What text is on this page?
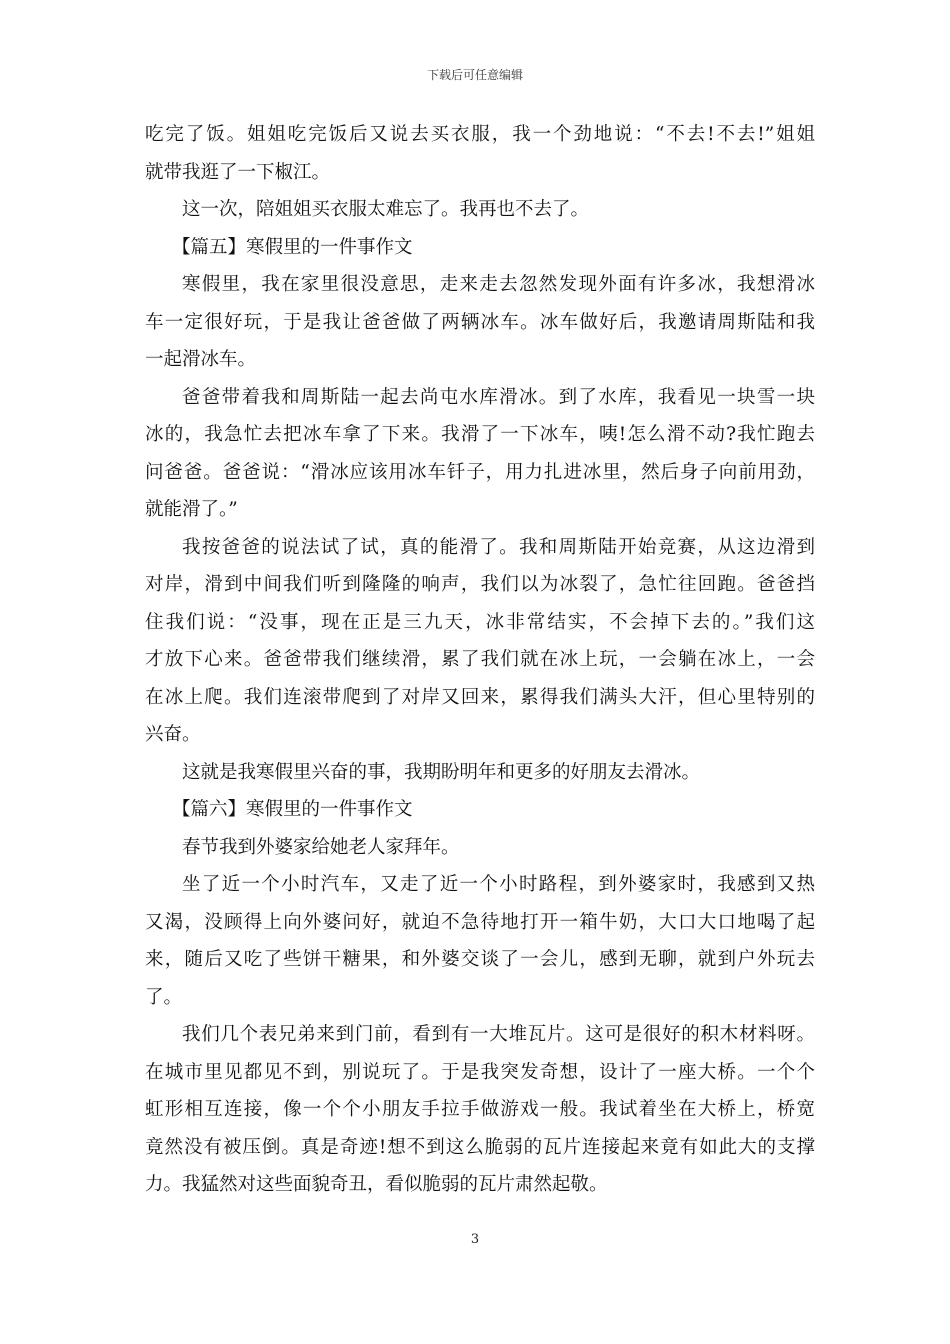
下载后可任意编辑
吃完了饭。姐姐吃完饭后又说去买衣服，我一个劲地说：“不去!不去!”姐姐
就带我逛了一下椒江。
这一次，陪姐姐买衣服太难忘了。我再也不去了。
【篇五】寒假里的一件事作文
寒假里，我在家里很没意思，走来走去忽然发现外面有许多冰，我想滑冰
车一定很好玩，于是我让爸爸做了两辆冰车。冰车做好后，我邀请周斯陆和我
一起滑冰车。
爸爸带着我和周斯陆一起去尚屯水库滑冰。到了水库，我看见一块雪一块
冰的，我急忙去把冰车拿了下来。我滑了一下冰车，咦!怎么滑不动?我忙跑去
问爸爸。爸爸说：“滑冰应该用冰车钎子，用力扎进冰里，然后身子向前用劲，
就能滑了。”
我按爸爸的说法试了试，真的能滑了。我和周斯陆开始竞赛，从这边滑到
对岸，滑到中间我们听到隆隆的响声，我们以为冰裂了，急忙往回跑。爸爸挡
住我们说：“没事，现在正是三九天，冰非常结实，不会掉下去的。”我们这
才放下心来。爸爸带我们继续滑，累了我们就在冰上玩，一会躺在冰上，一会
在冰上爬。我们连滚带爬到了对岸又回来，累得我们满头大汗，但心里特别的
兴奋。
这就是我寒假里兴奋的事，我期盼明年和更多的好朋友去滑冰。
【篇六】寒假里的一件事作文
春节我到外婆家给她老人家拜年。
坐了近一个小时汽车，又走了近一个小时路程，到外婆家时，我感到又热
又渴，没顾得上向外婆问好，就迫不急待地打开一箱牛奶，大口大口地喝了起
来，随后又吃了些饼干糖果，和外婆交谈了一会儿，感到无聊，就到户外玩去
了。
我们几个表兄弟来到门前，看到有一大堆瓦片。这可是很好的积木材料呀。
在城市里见都见不到，别说玩了。于是我突发奇想，设计了一座大桥。一个个
虹形相互连接，像一个个小朋友手拉手做游戏一般。我试着坐在大桥上，桥宽
竟然没有被压倒。真是奇迹!想不到这么脆弱的瓦片连接起来竟有如此大的支撑
力。我猛然对这些面貌奇丑，看似脆弱的瓦片肃然起敬。
3
